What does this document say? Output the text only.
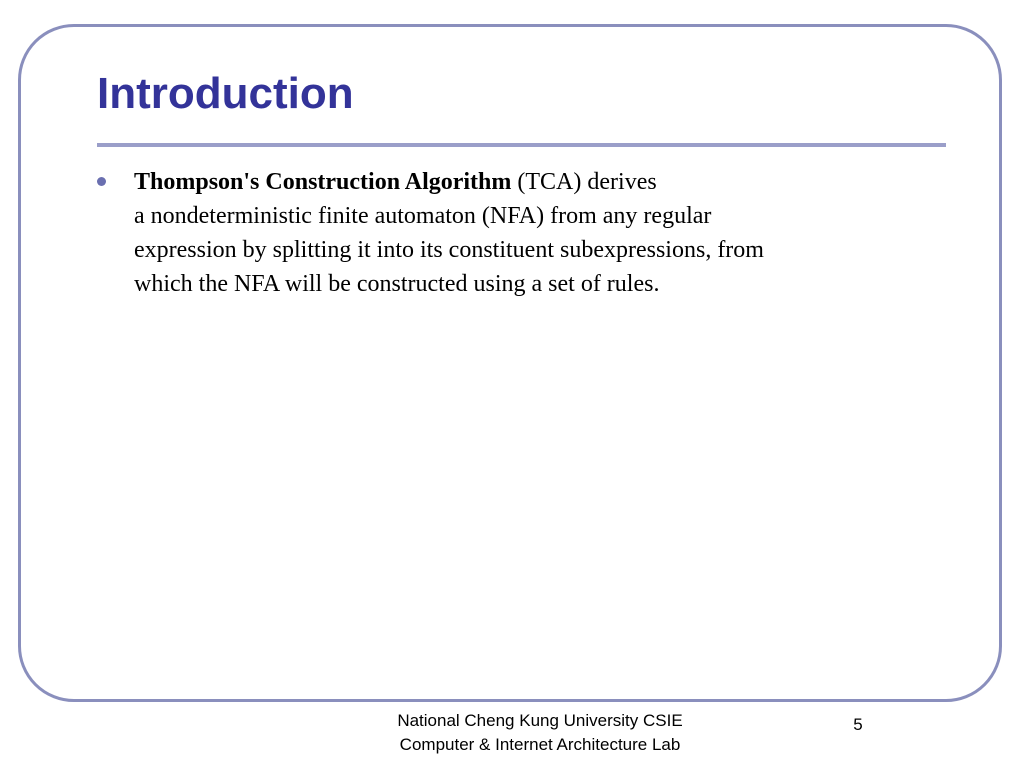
Introduction

Thompson's Construction Algorithm (TCA) derives
a nondeterministic finite automaton (NFA) from any regular
expression by splitting it into its constituent subexpressions, from
which the NFA will be constructed using a set of rules.

National Cheng Kung University CSIE
Computer & Internet Architecture Lab
5
